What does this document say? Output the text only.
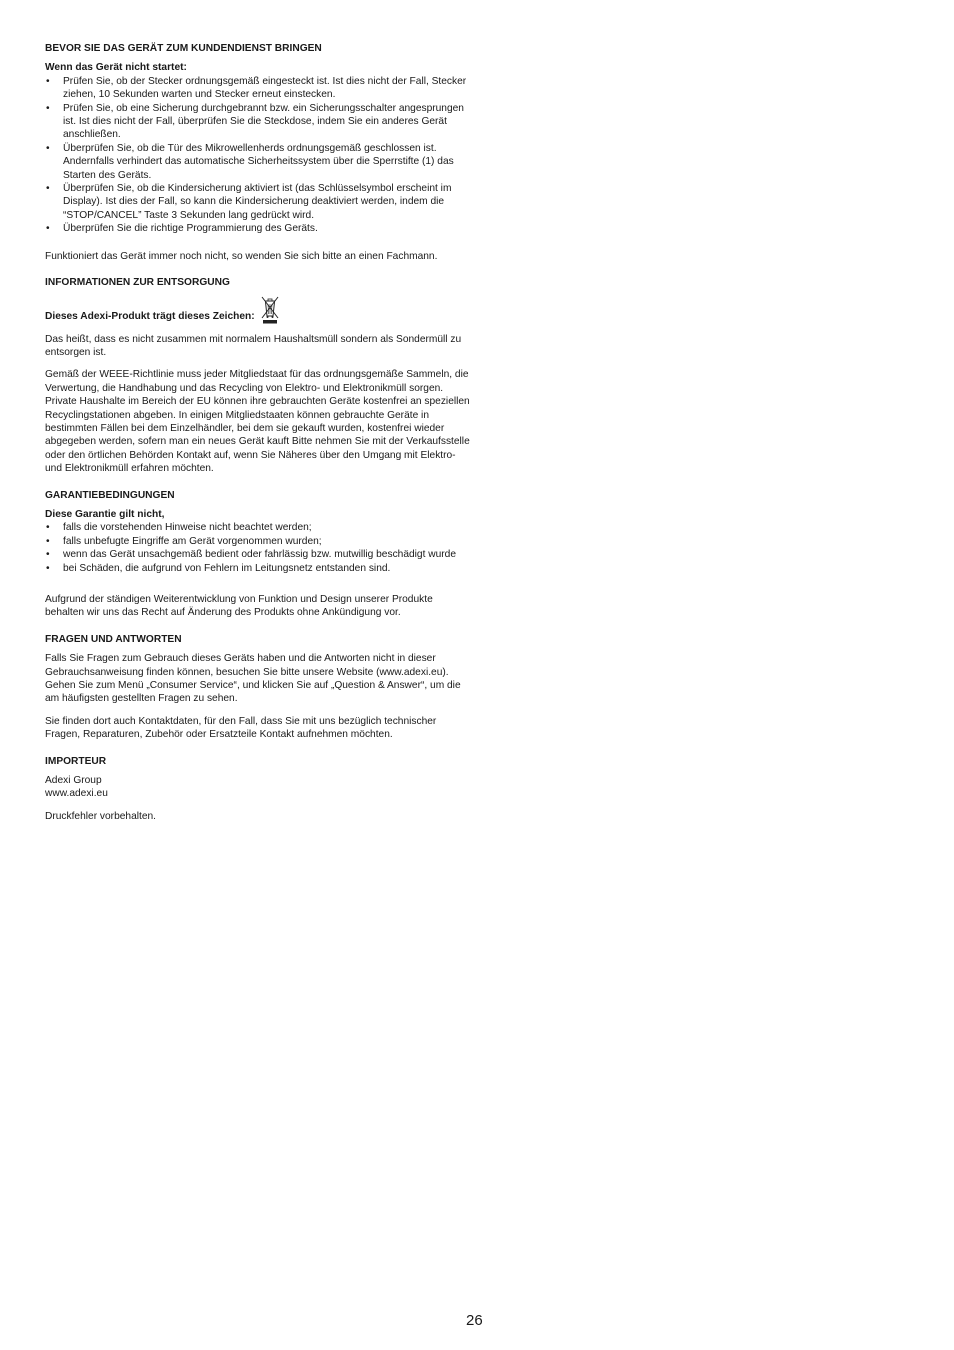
BEVOR SIE DAS GERÄT ZUM KUNDENDIENST BRINGEN
Wenn das Gerät nicht startet:
• Prüfen Sie, ob der Stecker ordnungsgemäß eingesteckt ist. Ist dies nicht der Fall, Stecker ziehen, 10 Sekunden warten und Stecker erneut einstecken.
• Prüfen Sie, ob eine Sicherung durchgebrannt bzw. ein Sicherungsschalter angesprungen ist. Ist dies nicht der Fall, überprüfen Sie die Steckdose, indem Sie ein anderes Gerät anschließen.
• Überprüfen Sie, ob die Tür des Mikrowellenherds ordnungsgemäß geschlossen ist. Andernfalls verhindert das automatische Sicherheitssystem über die Sperrstifte (1) das Starten des Geräts.
• Überprüfen Sie, ob die Kindersicherung aktiviert ist (das Schlüsselsymbol erscheint im Display). Ist dies der Fall, so kann die Kindersicherung deaktiviert werden, indem die “STOP/CANCEL” Taste 3 Sekunden lang gedrückt wird.
• Überprüfen Sie die richtige Programmierung des Geräts.

Funktioniert das Gerät immer noch nicht, so wenden Sie sich bitte an einen Fachmann.

INFORMATIONEN ZUR ENTSORGUNG
Dieses Adexi-Produkt trägt dieses Zeichen:

Das heißt, dass es nicht zusammen mit normalem Haushaltsmüll sondern als Sondermüll zu entsorgen ist.

Gemäß der WEEE-Richtlinie muss jeder Mitgliedstaat für das ordnungsgemäße Sammeln, die Verwertung, die Handhabung und das Recycling von Elektro- und Elektronikmüll sorgen. Private Haushalte im Bereich der EU können ihre gebrauchten Geräte kostenfrei an speziellen Recyclingstationen abgeben. In einigen Mitgliedstaaten können gebrauchte Geräte in bestimmten Fällen bei dem Einzelhändler, bei dem sie gekauft wurden, kostenfrei wieder abgegeben werden, sofern man ein neues Gerät kauft Bitte nehmen Sie mit der Verkaufsstelle oder den örtlichen Behörden Kontakt auf, wenn Sie Näheres über den Umgang mit Elektro- und Elektronikmüll erfahren möchten.

GARANTIEBEDINGUNGEN
Diese Garantie gilt nicht,
• falls die vorstehenden Hinweise nicht beachtet werden;
• falls unbefugte Eingriffe am Gerät vorgenommen wurden;
• wenn das Gerät unsachgemäß bedient oder fahrlässig bzw. mutwillig beschädigt wurde
• bei Schäden, die aufgrund von Fehlern im Leitungsnetz entstanden sind.

Aufgrund der ständigen Weiterentwicklung von Funktion und Design unserer Produkte behalten wir uns das Recht auf Änderung des Produkts ohne Ankündigung vor.

FRAGEN UND ANTWORTEN

Falls Sie Fragen zum Gebrauch dieses Geräts haben und die Antworten nicht in dieser Gebrauchsanweisung finden können, besuchen Sie bitte unsere Website (www.adexi.eu).
Gehen Sie zum Menü „Consumer Service“, und klicken Sie auf „Question & Answer“, um die am häufigsten gestellten Fragen zu sehen.

Sie finden dort auch Kontaktdaten, für den Fall, dass Sie mit uns bezüglich technischer Fragen, Reparaturen, Zubehör oder Ersatzteile Kontakt aufnehmen möchten.

IMPORTEUR

Adexi Group
www.adexi.eu

Druckfehler vorbehalten.

26
